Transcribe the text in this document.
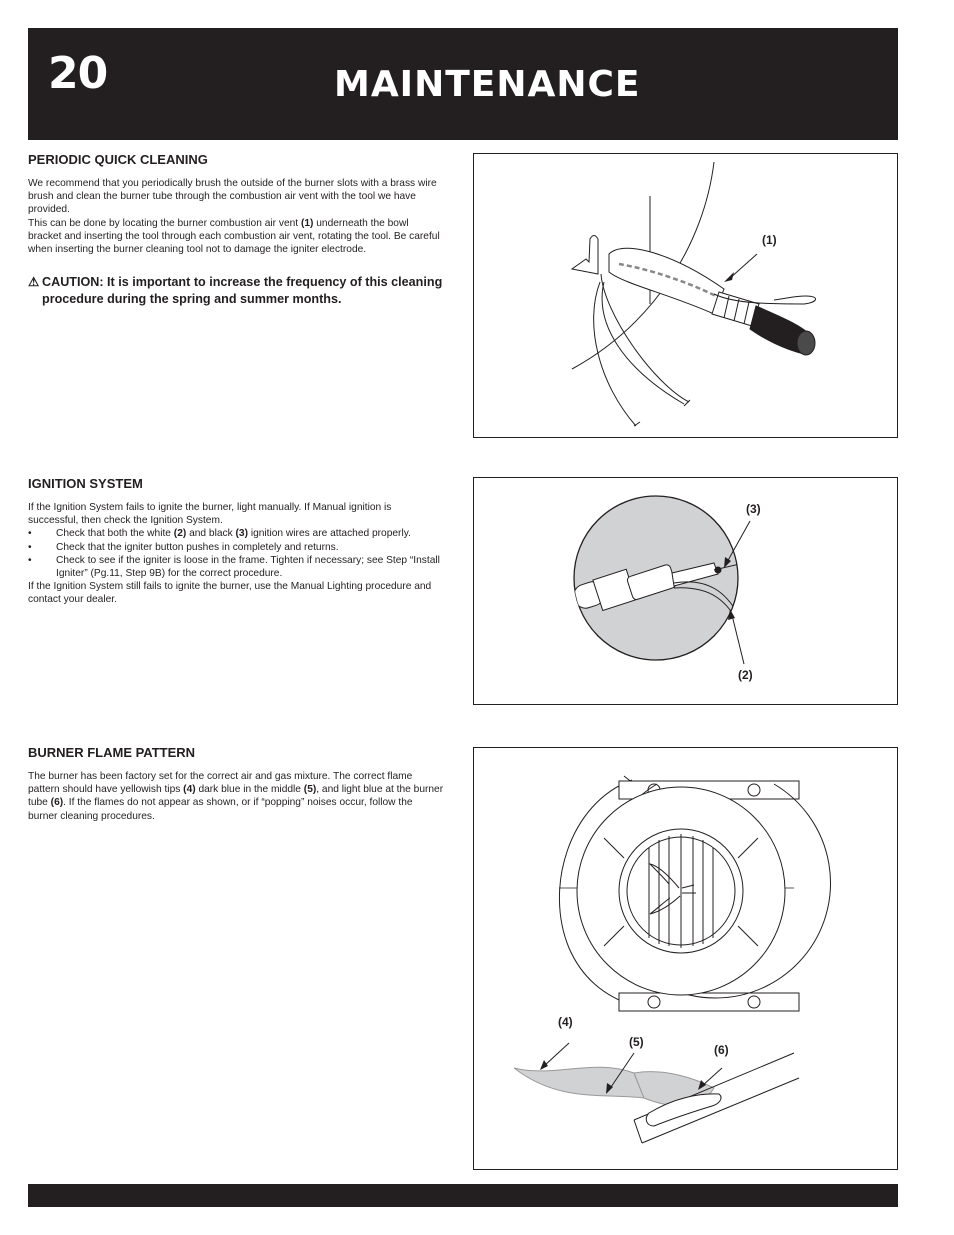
20	MAINTENANCE
PERIODIC QUICK CLEANING

We recommend that you periodically brush the outside of the burner slots with a brass wire brush and clean the burner tube through the combustion air vent with the tool we have provided.

This can be done by locating the burner combustion air vent (1) underneath the bowl bracket and inserting the tool through each combustion air vent, rotating the tool. Be careful when inserting the burner cleaning tool not to damage the igniter electrode.

⚠ CAUTION: It is important to increase the frequency of this cleaning procedure during the spring and summer months.
(1)
IGNITION SYSTEM

If the Ignition System fails to ignite the burner, light manually. If Manual ignition is successful, then check the Ignition System.

• Check that both the white (2) and black (3) ignition wires are attached properly.
• Check that the igniter button pushes in completely and returns.
• Check to see if the igniter is loose in the frame. Tighten if necessary; see Step “Install Igniter” (Pg.11, Step 9B) for the correct procedure.

If the Ignition System still fails to ignite the burner, use the Manual Lighting procedure and contact your dealer.

(3)
(2)
BURNER FLAME PATTERN

The burner has been factory set for the correct air and gas mixture. The correct flame pattern should have yellowish tips (4) dark blue in the middle (5), and light blue at the burner tube (6). If the flames do not appear as shown, or if “popping” noises occur, follow the burner cleaning procedures.

(4)
(5)
(6)
